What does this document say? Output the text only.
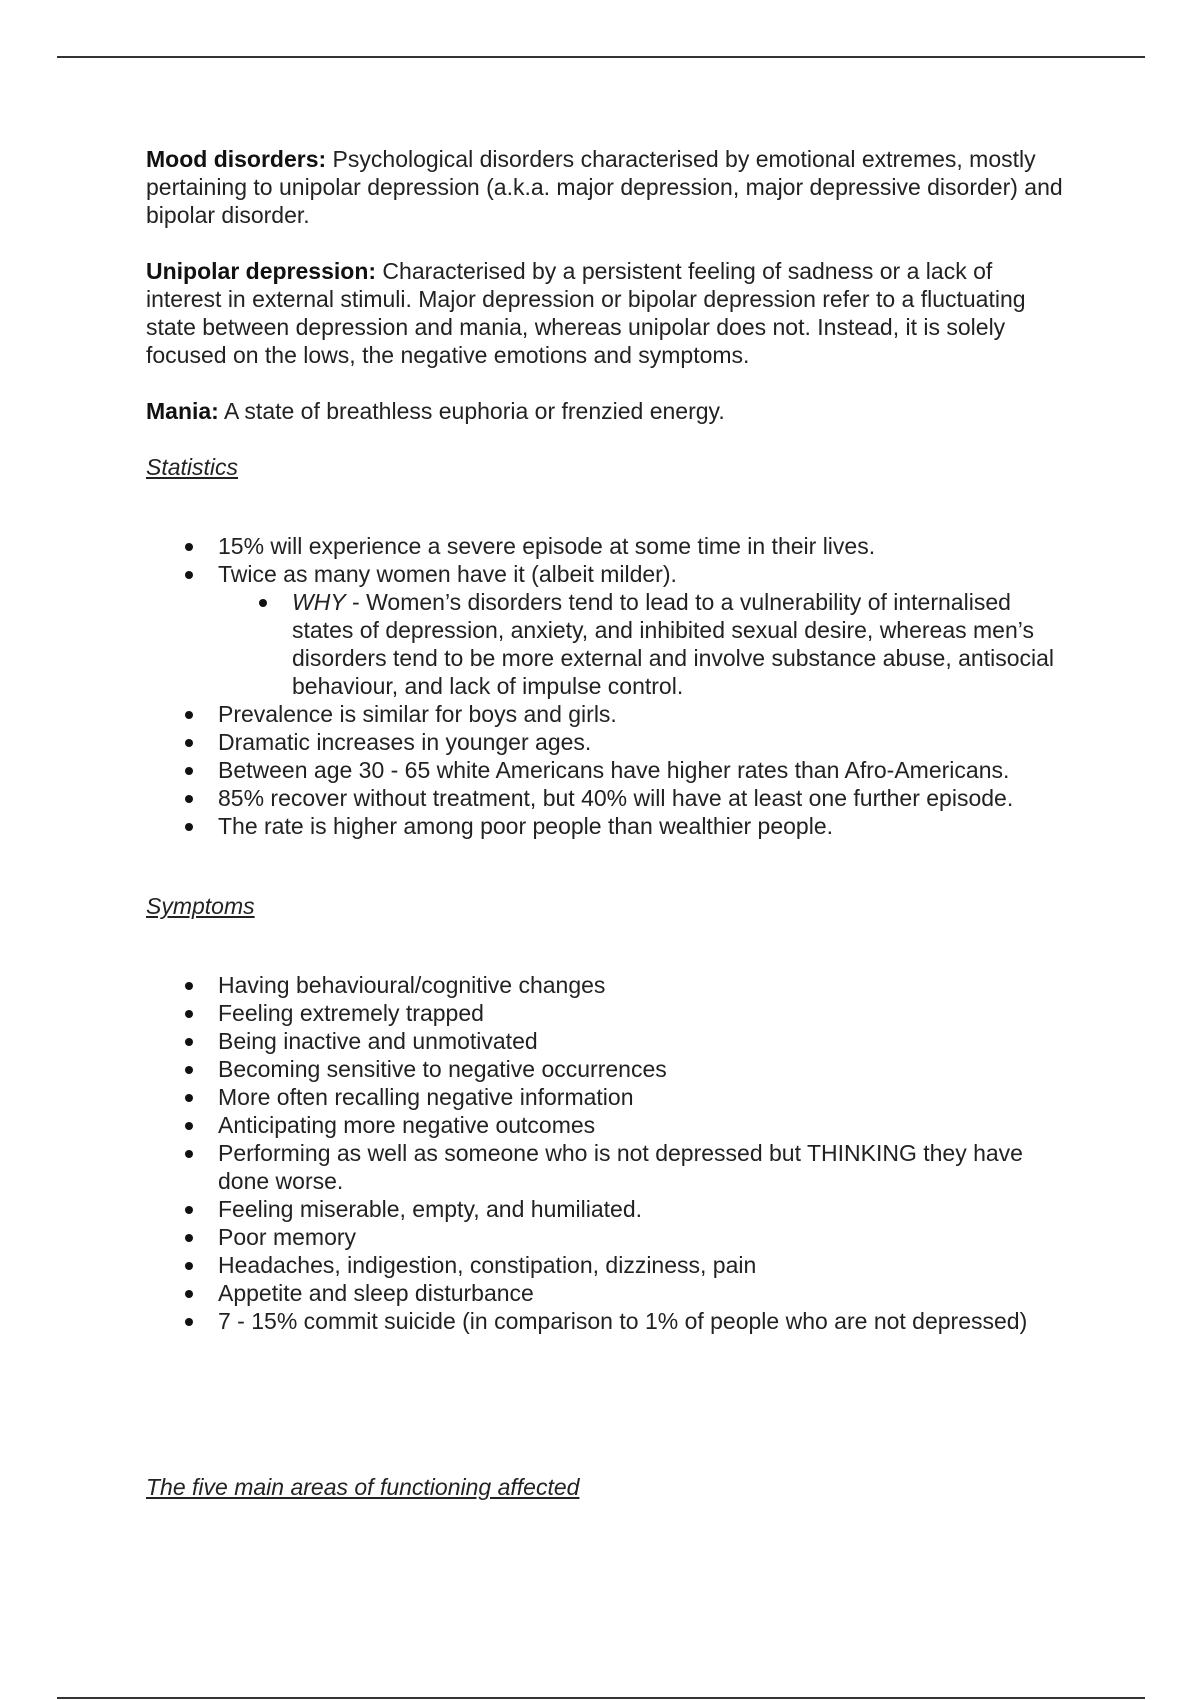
Mood disorders: Psychological disorders characterised by emotional extremes, mostly pertaining to unipolar depression (a.k.a. major depression, major depressive disorder) and bipolar disorder.

Unipolar depression: Characterised by a persistent feeling of sadness or a lack of interest in external stimuli. Major depression or bipolar depression refer to a fluctuating state between depression and mania, whereas unipolar does not. Instead, it is solely focused on the lows, the negative emotions and symptoms.

Mania: A state of breathless euphoria or frenzied energy.

Statistics

15% will experience a severe episode at some time in their lives.
Twice as many women have it (albeit milder).
WHY - Women’s disorders tend to lead to a vulnerability of internalised states of depression, anxiety, and inhibited sexual desire, whereas men’s disorders tend to be more external and involve substance abuse, antisocial behaviour, and lack of impulse control.
Prevalence is similar for boys and girls.
Dramatic increases in younger ages.
Between age 30 - 65 white Americans have higher rates than Afro-Americans.
85% recover without treatment, but 40% will have at least one further episode.
The rate is higher among poor people than wealthier people.

Symptoms

Having behavioural/cognitive changes
Feeling extremely trapped
Being inactive and unmotivated
Becoming sensitive to negative occurrences
More often recalling negative information
Anticipating more negative outcomes
Performing as well as someone who is not depressed but THINKING they have done worse.
Feeling miserable, empty, and humiliated.
Poor memory
Headaches, indigestion, constipation, dizziness, pain
Appetite and sleep disturbance
7 - 15% commit suicide (in comparison to 1% of people who are not depressed)

The five main areas of functioning affected
